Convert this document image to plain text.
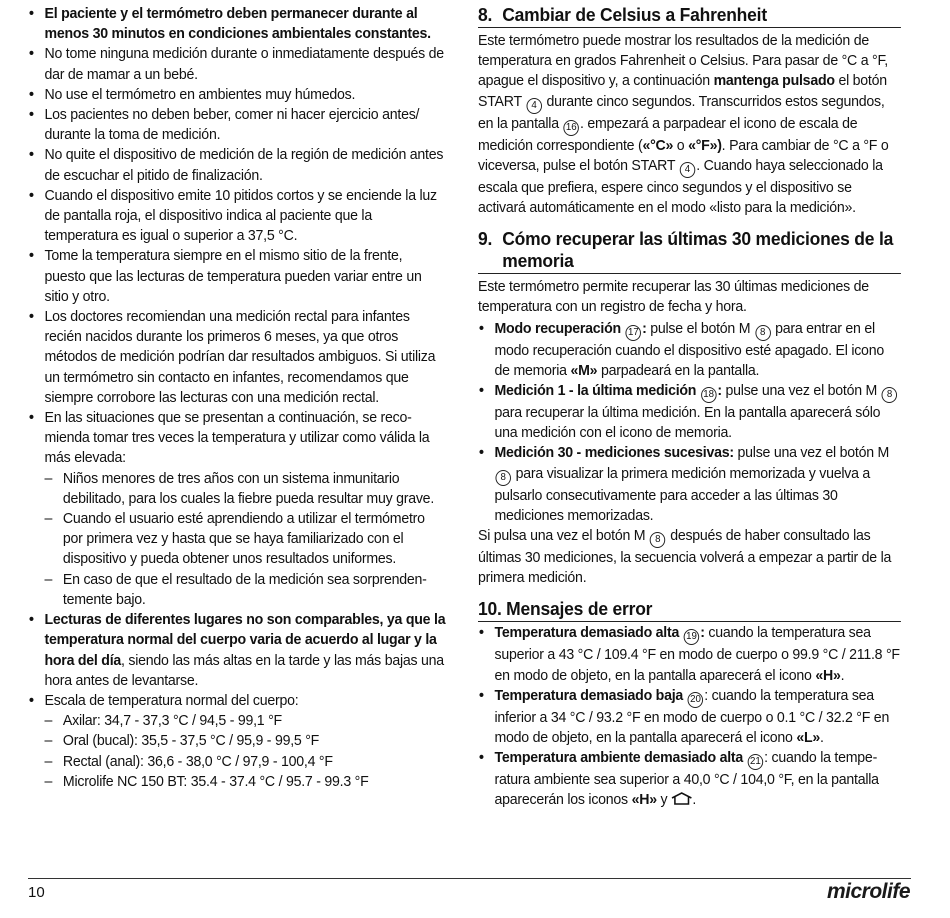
• El paciente y el termómetro deben permanecer durante al menos 30 minutos en condiciones ambientales constantes.
• No tome ninguna medición durante o inmediatamente después de dar de mamar a un bebé.
• No use el termómetro en ambientes muy húmedos.
• Los pacientes no deben beber, comer ni hacer ejercicio antes/ durante la toma de medición.
• No quite el dispositivo de medición de la región de medición antes de escuchar el pitido de finalización.
• Cuando el dispositivo emite 10 pitidos cortos y se enciende la luz de pantalla roja, el dispositivo indica al paciente que la temperatura es igual o superior a 37,5 °C.
• Tome la temperatura siempre en el mismo sitio de la frente, puesto que las lecturas de temperatura pueden variar entre un sitio y otro.
• Los doctores recomiendan una medición rectal para infantes recién nacidos durante los primeros 6 meses, ya que otros métodos de medición podrían dar resultados ambiguos. Si utiliza un termómetro sin contacto en infantes, recomendamos que siempre corrobore las lecturas con una medición rectal.
• En las situaciones que se presentan a continuación, se reco-mienda tomar tres veces la temperatura y utilizar como válida la más elevada:
– Niños menores de tres años con un sistema inmunitario debilitado, para los cuales la fiebre pueda resultar muy grave.
– Cuando el usuario esté aprendiendo a utilizar el termómetro por primera vez y hasta que se haya familiarizado con el dispositivo y pueda obtener unos resultados uniformes.
– En caso de que el resultado de la medición sea sorprenden-temente bajo.
• Lecturas de diferentes lugares no son comparables, ya que la temperatura normal del cuerpo varia de acuerdo al lugar y la hora del día, siendo las más altas en la tarde y las más bajas una hora antes de levantarse.
• Escala de temperatura normal del cuerpo:
– Axilar: 34,7 - 37,3 °C / 94,5 - 99,1 °F
– Oral (bucal): 35,5 - 37,5 °C / 95,9 - 99,5 °F
– Rectal (anal): 36,6 - 38,0 °C / 97,9 - 100,4 °F
– Microlife NC 150 BT: 35.4 - 37.4 °C / 95.7 - 99.3 °F
8. Cambiar de Celsius a Fahrenheit

Este termómetro puede mostrar los resultados de la medición de temperatura en grados Fahrenheit o Celsius. Para pasar de °C a °F, apague el dispositivo y, a continuación mantenga pulsado el botón START 4 durante cinco segundos. Transcurridos estos segundos, en la pantalla 16 . empezará a parpadear el icono de escala de medición correspondiente («°C» o «°F»). Para cambiar de °C a °F o viceversa, pulse el botón START 4 . Cuando haya seleccionado la escala que prefiera, espere cinco segundos y el dispositivo se activará automáticamente en el modo «listo para la medición».

9. Cómo recuperar las últimas 30 mediciones de la memoria

Este termómetro permite recuperar las 30 últimas mediciones de temperatura con un registro de fecha y hora.

• Modo recuperación 17 : pulse el botón M 8 para entrar en el modo recuperación cuando el dispositivo esté apagado. El icono de memoria «M» parpadeará en la pantalla.
• Medición 1 - la última medición 18 : pulse una vez el botón M 8 para recuperar la última medición. En la pantalla aparecerá sólo una medición con el icono de memoria.
• Medición 30 - mediciones sucesivas: pulse una vez el botón M 8 para visualizar la primera medición memorizada y vuelva a pulsarlo consecutivamente para acceder a las últimas 30 mediciones memorizadas.

Si pulsa una vez el botón M 8 después de haber consultado las últimas 30 mediciones, la secuencia volverá a empezar a partir de la primera medición.

10. Mensajes de error
• Temperatura demasiado alta 19 : cuando la temperatura sea superior a 43 °C / 109.4 °F en modo de cuerpo o 99.9 °C / 211.8 °F en modo de objeto, en la pantalla aparecerá el icono «H».
• Temperatura demasiado baja 20 : cuando la temperatura sea inferior a 34 °C / 93.2 °F en modo de cuerpo o 0.1 °C / 32.2 °F en modo de objeto, en la pantalla aparecerá el icono «L».
• Temperatura ambiente demasiado alta 21 : cuando la tempe-ratura ambiente sea superior a 40,0 °C / 104,0 °F, en la pantalla aparecerán los iconos «H» y .
10	microlife
